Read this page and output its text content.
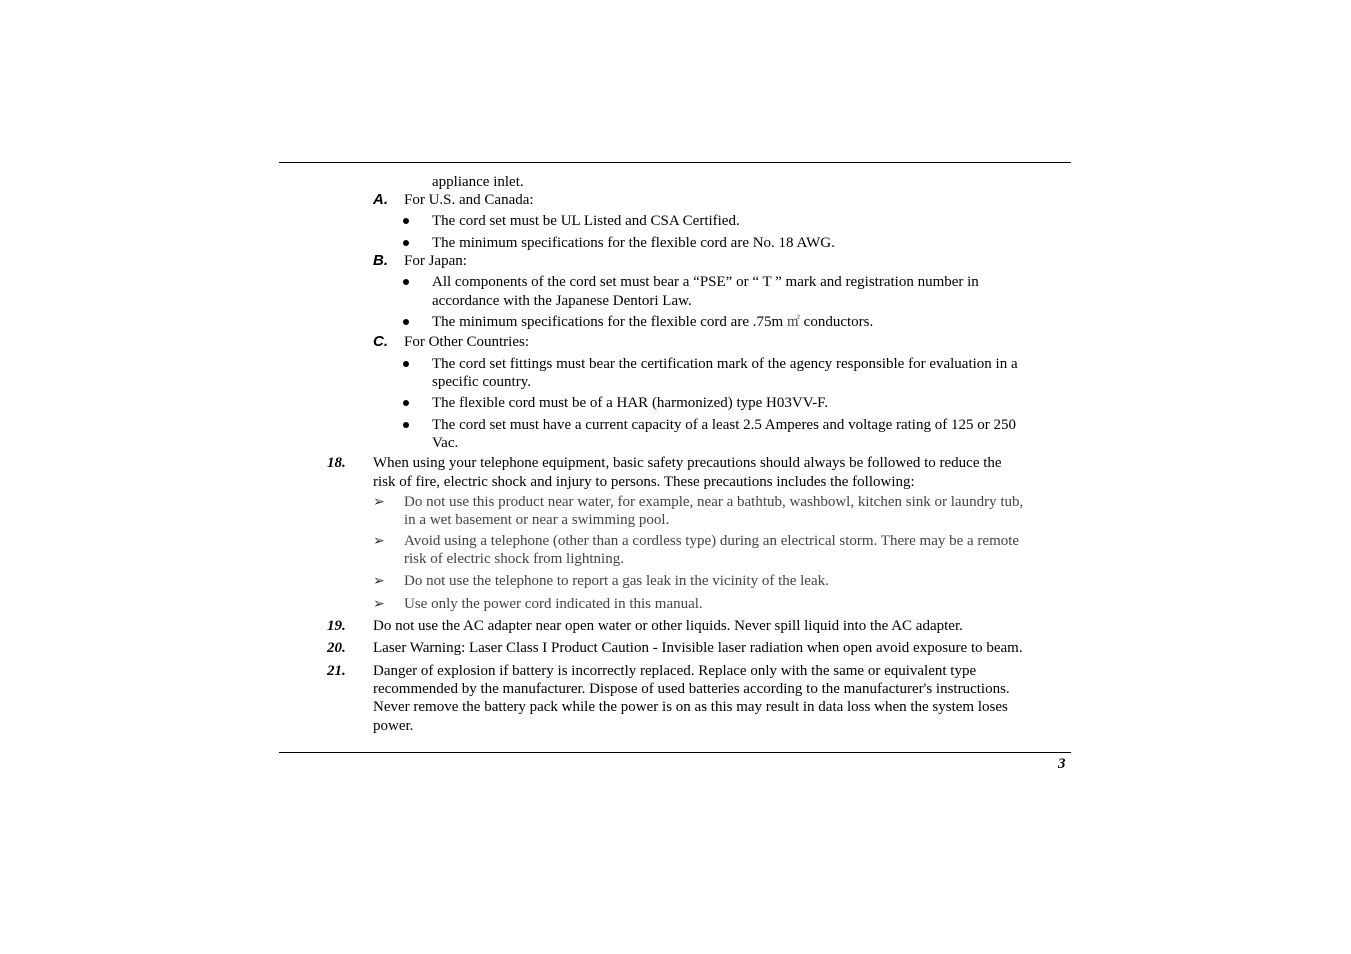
appliance inlet.
A. For U.S. and Canada:
The cord set must be UL Listed and CSA Certified.
The minimum specifications for the flexible cord are No. 18 AWG.
B. For Japan:
All components of the cord set must bear a “PSE” or “ T ” mark and registration number in
accordance with the Japanese Dentori Law.
The minimum specifications for the flexible cord are .75m ㎡ conductors.
C. For Other Countries:
The cord set fittings must bear the certification mark of the agency responsible for evaluation in a
specific country.
The flexible cord must be of a HAR (harmonized) type H03VV-F.
The cord set must have a current capacity of a least 2.5 Amperes and voltage rating of 125 or 250
Vac.
18. When using your telephone equipment, basic safety precautions should always be followed to reduce the
risk of fire, electric shock and injury to persons. These precautions includes the following:
➢ Do not use this product near water, for example, near a bathtub, washbowl, kitchen sink or laundry tub,
in a wet basement or near a swimming pool.
➢ Avoid using a telephone (other than a cordless type) during an electrical storm. There may be a remote
risk of electric shock from lightning.
➢ Do not use the telephone to report a gas leak in the vicinity of the leak.
➢ Use only the power cord indicated in this manual.
19. Do not use the AC adapter near open water or other liquids. Never spill liquid into the AC adapter.
20. Laser Warning: Laser Class I Product Caution - Invisible laser radiation when open avoid exposure to beam.
21. Danger of explosion if battery is incorrectly replaced. Replace only with the same or equivalent type
recommended by the manufacturer. Dispose of used batteries according to the manufacturer's instructions.
Never remove the battery pack while the power is on as this may result in data loss when the system loses
power.
3
